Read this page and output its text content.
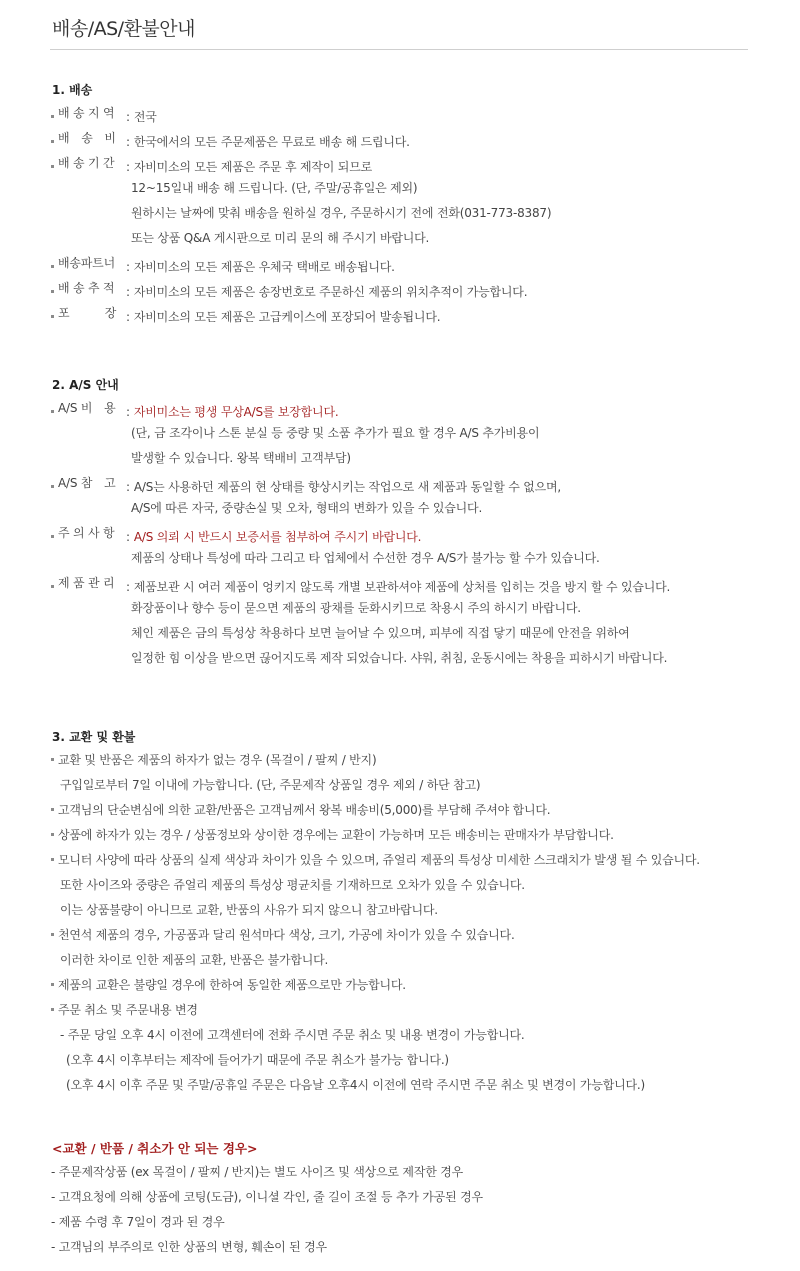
배송/AS/환불안내
1. 배송
배 송 지 역 : 전국
배　송　비 : 한국에서의 모든 주문제품은 무료로 배송 해 드립니다.
배 송 기 간 : 자비미소의 모든 제품은 주문 후 제작이 되므로
12~15일내 배송 해 드립니다. (단, 주말/공휴일은 제외)
원하시는 날짜에 맞춰 배송을 원하실 경우, 주문하시기 전에 전화(031-773-8387)
또는 상품 Q&A 게시판으로 미리 문의 해 주시기 바랍니다.
배송파트너 : 자비미소의 모든 제품은 우체국 택배로 배송됩니다.
배 송 추 적 : 자비미소의 모든 제품은 송장번호로 주문하신 제품의 위치추적이 가능합니다.
포　　　장 : 자비미소의 모든 제품은 고급케이스에 포장되어 발송됩니다.
2. A/S 안내
A/S 비　용 : 자비미소는 평생 무상A/S를 보장합니다.
(단, 금 조각이나 스톤 분실 등 중량 및 소품 추가가 필요 할 경우 A/S 추가비용이
발생할 수 있습니다. 왕복 택배비 고객부담)
A/S 참　고 : A/S는 사용하던 제품의 현 상태를 향상시키는 작업으로 새 제품과 동일할 수 없으며,
A/S에 따른 자국, 중량손실 및 오차, 형태의 변화가 있을 수 있습니다.
주 의 사 항 : A/S 의뢰 시 반드시 보증서를 첨부하여 주시기 바랍니다.
제품의 상태나 특성에 따라 그리고 타 업체에서 수선한 경우 A/S가 불가능 할 수가 있습니다.
제 품 관 리 : 제품보관 시 여러 제품이 엉키지 않도록 개별 보관하셔야 제품에 상처를 입히는 것을 방지 할 수 있습니다.
화장품이나 향수 등이 묻으면 제품의 광채를 둔화시키므로 착용시 주의 하시기 바랍니다.
체인 제품은 금의 특성상 착용하다 보면 늘어날 수 있으며, 피부에 직접 닿기 때문에 안전을 위하여
일정한 힘 이상을 받으면 끊어지도록 제작 되었습니다. 샤워, 취침, 운동시에는 착용을 피하시기 바랍니다.
3. 교환 및 환불
교환 및 반품은 제품의 하자가 없는 경우 (목걸이 / 팔찌 / 반지)
구입일로부터 7일 이내에 가능합니다. (단, 주문제작 상품일 경우 제외 / 하단 참고)
고객님의 단순변심에 의한 교환/반품은 고객님께서 왕복 배송비(5,000)를 부담해 주셔야 합니다.
상품에 하자가 있는 경우 / 상품정보와 상이한 경우에는 교환이 가능하며 모든 배송비는 판매자가 부담합니다.
모니터 사양에 따라 상품의 실제 색상과 차이가 있을 수 있으며, 쥬얼리 제품의 특성상 미세한 스크래치가 발생 될 수 있습니다.
또한 사이즈와 중량은 쥬얼리 제품의 특성상 평균치를 기재하므로 오차가 있을 수 있습니다.
이는 상품불량이 아니므로 교환, 반품의 사유가 되지 않으니 참고바랍니다.
천연석 제품의 경우, 가공품과 달리 원석마다 색상, 크기, 가공에 차이가 있을 수 있습니다.
이러한 차이로 인한 제품의 교환, 반품은 불가합니다.
제품의 교환은 불량일 경우에 한하여 동일한 제품으로만 가능합니다.
주문 취소 및 주문내용 변경
- 주문 당일 오후 4시 이전에 고객센터에 전화 주시면 주문 취소 및 내용 변경이 가능합니다.
(오후 4시 이후부터는 제작에 들어가기 때문에 주문 취소가 불가능 합니다.)
(오후 4시 이후 주문 및 주말/공휴일 주문은 다음날 오후4시 이전에 연락 주시면 주문 취소 및 변경이 가능합니다.)
<교환 / 반품 / 취소가 안 되는 경우>
- 주문제작상품 (ex 목걸이 / 팔찌 / 반지)는 별도 사이즈 및 색상으로 제작한 경우
- 고객요청에 의해 상품에 코팅(도금), 이니셜 각인, 줄 길이 조절 등 추가 가공된 경우
- 제품 수령 후 7일이 경과 된 경우
- 고객님의 부주의로 인한 상품의 변형, 훼손이 된 경우
